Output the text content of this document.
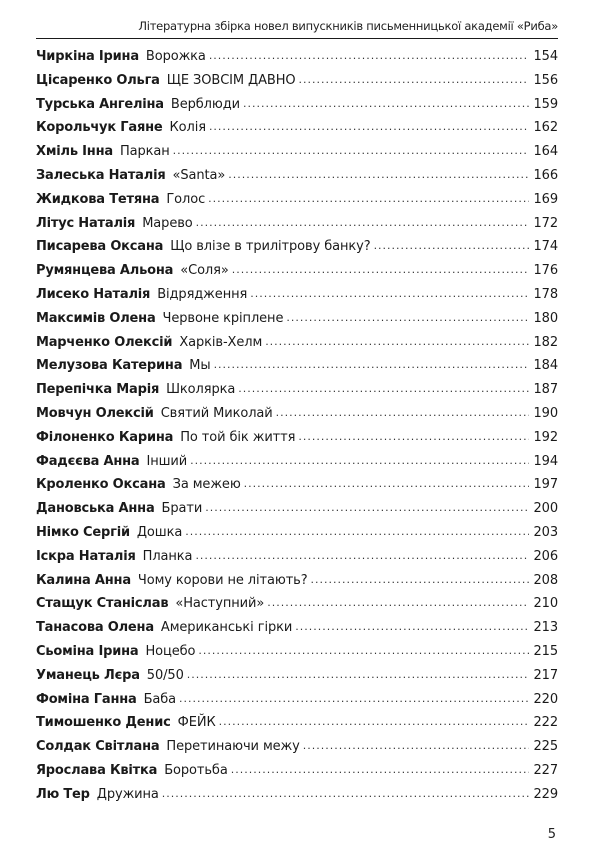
Літературна збірка новел випускників письменницької академії «Риба»
Чиркіна Ірина Ворожка .....	154
Цісаренко Ольга ЩЕ ЗОВСІМ ДАВНО .....	156
Турська Ангеліна Верблюди .....	159
Корольчук Гаяне Колія .....	162
Хміль Інна Паркан .....	164
Залеська Наталія «Santa» .....	166
Жидкова Тетяна Голос .....	169
Літус Наталія Марево .....	172
Писарева Оксана Що влізе в трилітрову банку? .....	174
Румянцева Альона «Соля» .....	176
Лисеко Наталія Відрядження .....	178
Максимів Олена Червоне кріплене .....	180
Марченко Олексій Харків-Хелм .....	182
Мелузова Катерина Мы .....	184
Перепічка Марія Школярка .....	187
Мовчун Олексій Святий Миколай .....	190
Філоненко Карина По той бік життя .....	192
Фадєєва Анна Інший .....	194
Кроленко Оксана За межею .....	197
Дановська Анна Брати .....	200
Німко Сергій Дошка .....	203
Іскра Наталія Планка .....	206
Калина Анна Чому корови не літають? .....	208
Стащук Станіслав «Наступний» .....	210
Танасова Олена Американські гірки .....	213
Сьоміна Ірина Ноцебо .....	215
Уманець Лєра 50/50 .....	217
Фоміна Ганна Баба .....	220
Тимошенко Денис ФЕЙК .....	222
Солдак Світлана Перетинаючи межу .....	225
Ярослава Квітка Боротьба .....	227
Лю Тер Дружина .....	229
5
